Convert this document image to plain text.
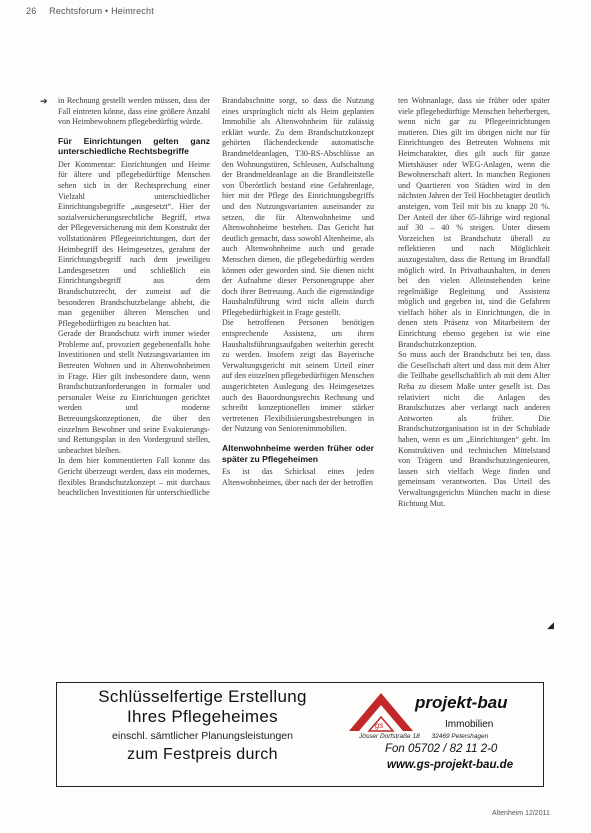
26 Rechtsforum • Heimrecht
➔ in Rechnung gestellt werden müssen, dass der Fall eintreten könne, dass eine größere Anzahl von Heimbewohnern pflegebedürftig würde.

Für Einrichtungen gelten ganz unterschiedliche Rechtsbegriffe

Der Kommentar: Einrichtungen und Heime für ältere und pflegebedürftige Menschen sehen sich in der Rechtsprechung einer Vielzahl unterschiedlicher Einrichtungsbegriffe „ausgesetzt“. Hier der sozialversicherungsrechtliche Begriff, etwa der Pflegeversicherung mit dem Konstrukt der vollstationären Pflegeeinrichtungen, dort der Heimbegriff des Heimgesetzes, gerahmt der Einrichtungsbegriff nach dem jeweiligen Landesgesetzen und schließlich ein Einrichtungsbegriff aus dem Brandschutzrecht, der zumeist auf die besonderen Brandschutzbelange abhebt, die man gegenüber älteren Menschen und Pflegebedürftigen zu beachten hat.

Gerade der Brandschutz wirft immer wieder Probleme auf, provoziert gegebenenfalls hohe Investitionen und stellt Nutzungsvarianten im Betreuten Wohnen und in Altenwohnheimen in Frage. Hier gilt insbesondere dann, wenn Brandschutzanforderungen in formaler und personaler Weise zu Einrichtungen gerichtet werden und moderne Betreuungskonzeptionen, die über den einzelnen Bewohner und seine Evakuierungs- und Rettungsplan in den Vordergrund stellen, unbeachtet bleiben.

In dem hier kommentierten Fall konnte das Gericht überzeugt werden, dass ein modernes, flexibles Brandschutzkonzept – mit durchaus beachtlichen Investitionen für unterschiedliche

Brandabschnitte sorgt, so dass die Nutzung eines ursprünglich nicht als Heim geplanten Immobilie als Altenwohnheim für zulässig erklärt wurde. Zu dem Brandschutzkonzept gehörten flächendeckende automatische Brandmeldeanlagen, T30-RS-Abschlüsse an den Wohnungstüren, Schleusen, Aufschaltung der Brandmeldeanlage an die Brandleitstelle von Überörtlich bestand eine Gefahrenlage, hier mit der Pflege des Einrichtungsbegriffs und den Nutzungsvarianten auseinander zu setzen, die für Altenwohnheime und Altenwohnheime bestehen. Das Gericht hat deutlich gemacht, dass sowohl Altenheime, als auch Altenwohnheime auch und gerade Menschen dienen, die pflegebedürftig werden können oder geworden sind. Sie dienen nicht der Aufnahme dieser Personengruppe aber doch ihrer Betreuung. Auch die eigenständige Haushaltsführung wird nicht allein durch Pflegebedürftigkeit in Frage gestellt.

Die betroffenen Personen benötigen entsprechende Assistenz, um ihren Haushaltsführungsaufgaben weiterhin gerecht zu werden. Insofern zeigt das Bayerische Verwaltungsgericht mit seinem Urteil einer auf den einzelnen pflegebedürftigen Menschen ausgerichteten Auslegung des Heimgesetzes auch des Bauordnungsrechts Rechnung und schreibt konzeptionellen immer stärker vertretenen Flexibilisierungsbestrebungen in der Nutzung von Seniorenimmobilien.

Altenwohnheime werden früher oder später zu Pflegeheimen

Es ist das Schicksal eines jeden Altenwohnheimes, über nach der der betroffen

ten Wohnanlage, dass sie früher oder später viele pflegebedürftige Menschen beherbergen, wenn nicht gar zu Pflegeeinrichtungen mutieren. Dies gilt im übrigen nicht nur für Einrichtungen des Betreuten Wohnens mit Heimcharakter, dies gilt auch für ganze Mietshäuser oder WEG-Anlagen, wenn die Bewohnerschaft altert. In manchen Regionen und Quartieren von Städten wird in den nächsten Jahren der Teil Hochbetagter deutlich ansteigen, vom Teil mit bis zu knapp 20 %. Der Anteil der über 65-Jährige wird regional auf 30 – 40 % steigen. Unter diesem Vorzeichen ist Brandschutz überall zu reflektieren und nach Möglichkeit auszugestalten, dass die Rettung im Brandfall möglich wird. In Privathaushalten, in denen bei den vielen Alleinstehenden keine regelmäßige Begleitung und Assistenz möglich und gegeben ist, sind die Gefahren vielfach höher als in Einrichtungen, die in denen stets Präsenz von Mitarbeitern der Einrichtung ebenso gegeben ist wie eine Brandschutzkonzeption.

So muss auch der Brandschutz bei ten, dass die Gesellschaft altert und dass mit dem Alter die Teilhabe gesellschaftlich ab mit dem Alter Reha zu diesem Maße unter gesellt ist. Das relativiert nicht die Anlagen des Brandschutzes aber verlangt nach anderen Antworten als früher. Die Brandschutzorganisation ist in der Schublade haben, wenn es um „Einrichtungen“ geht. Im Konstruktiven und technischen Mittelstand von Trägern und Brandschutzingenieuren, lassen sich vielfach Wege finden und gemeinsam verantworten. Das Urteil des Verwaltungsgerichts München macht in diese Richtung Mut.

◢
Schlüsselfertige Erstellung
Ihres Pflegeheimes
einschl. sämtlicher Planungsleistungen
zum Festpreis durch
gs
projekt-bau
Immobilien
Jösser Dorfstraße 18 32469 Petershagen
Fon 05702 / 82 11 2-0
www.gs-projekt-bau.de
Altenheim 12/2011
